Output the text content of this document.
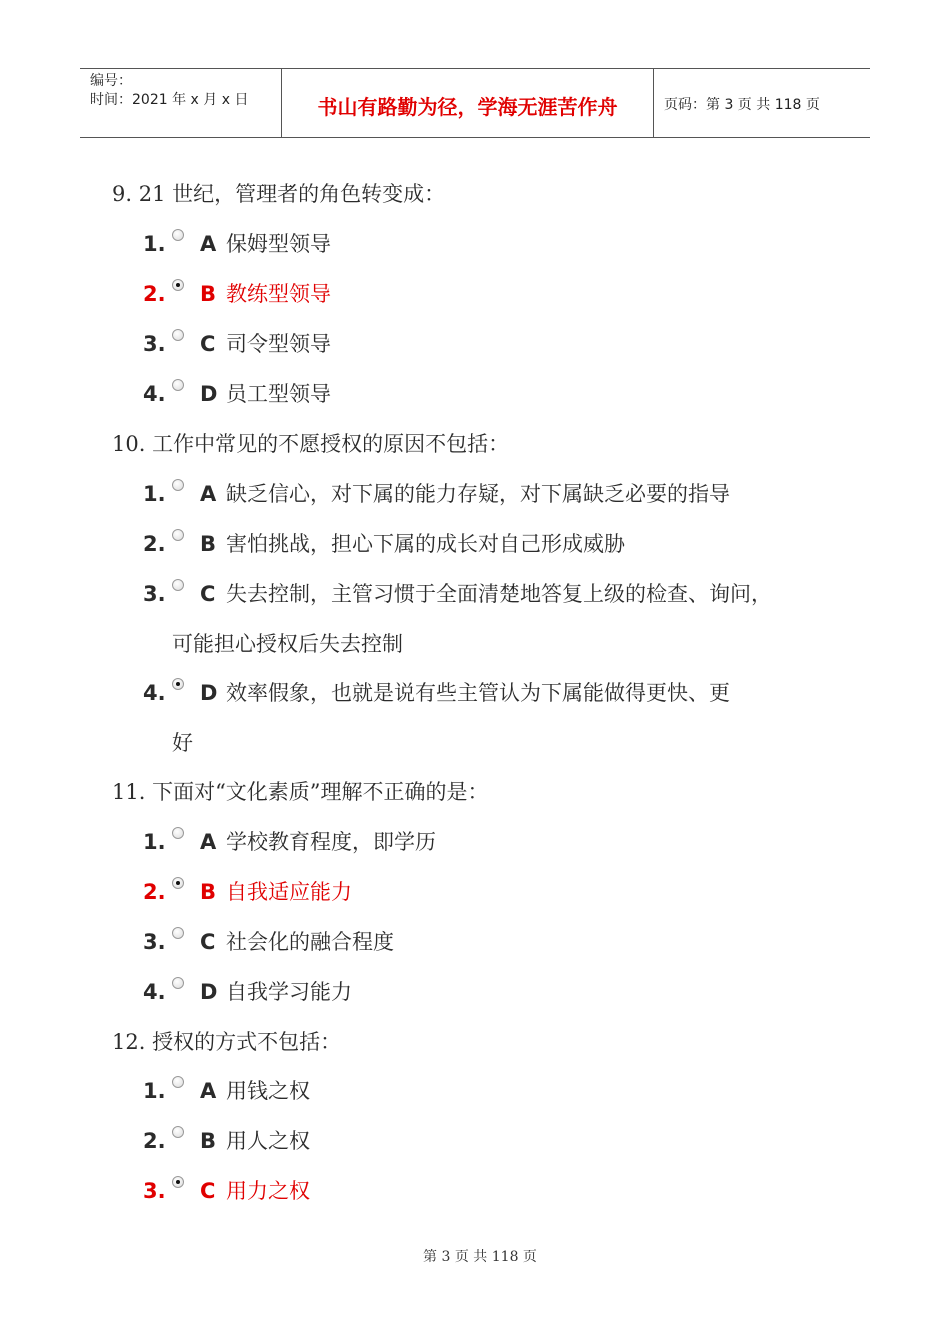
编号：
时间：2021 年 x 月 x 日	书山有路勤为径，学海无涯苦作舟	页码：第 3 页 共 118 页
9. 21 世纪，管理者的角色转变成：
1. A 保姆型领导
2. B 教练型领导
3. C 司令型领导
4. D 员工型领导
10. 工作中常见的不愿授权的原因不包括：
1. A 缺乏信心，对下属的能力存疑，对下属缺乏必要的指导
2. B 害怕挑战，担心下属的成长对自己形成威胁
3. C 失去控制，主管习惯于全面清楚地答复上级的检查、询问，
可能担心授权后失去控制
4. D 效率假象，也就是说有些主管认为下属能做得更快、更
好
11. 下面对“文化素质”理解不正确的是：
1. A学校教育程度，即学历
2. B自我适应能力
3. C社会化的融合程度
4. D自我学习能力
12. 授权的方式不包括：
1. A用钱之权
2. B用人之权
3. C用力之权
第 3 页 共 118 页
